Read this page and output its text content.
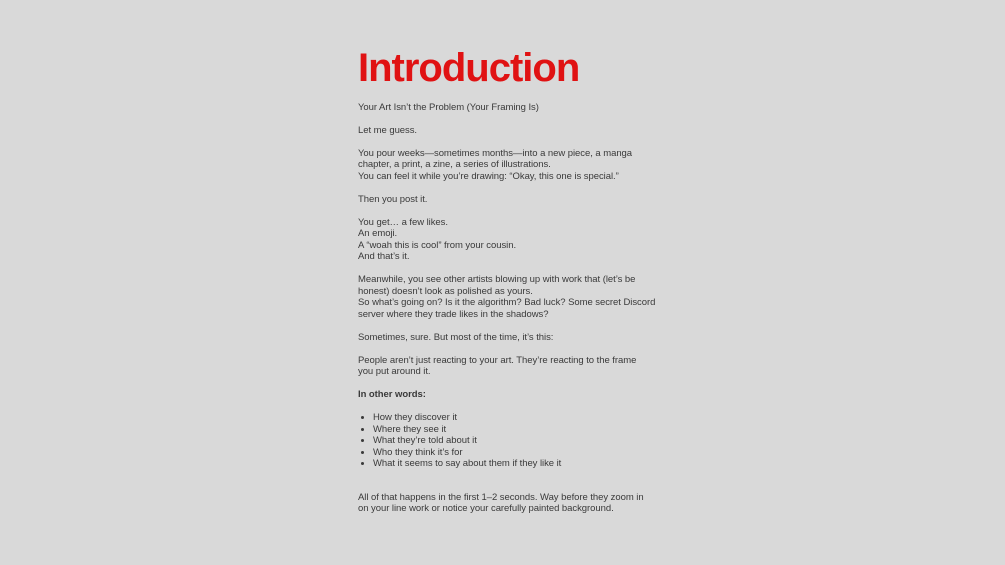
Introduction

Your Art Isn’t the Problem (Your Framing Is)

Let me guess.

You pour weeks—sometimes months—into a new piece, a manga
chapter, a print, a zine, a series of illustrations.
You can feel it while you’re drawing: “Okay, this one is special.”

Then you post it.

You get… a few likes.
An emoji.
A “woah this is cool” from your cousin.
And that’s it.

Meanwhile, you see other artists blowing up with work that (let’s be
honest) doesn’t look as polished as yours.
So what’s going on? Is it the algorithm? Bad luck? Some secret Discord
server where they trade likes in the shadows?

Sometimes, sure. But most of the time, it’s this:

People aren’t just reacting to your art. They’re reacting to the frame
you put around it.

In other words:

• How they discover it
• Where they see it
• What they’re told about it
• Who they think it’s for
• What it seems to say about them if they like it

All of that happens in the first 1–2 seconds. Way before they zoom in
on your line work or notice your carefully painted background.
